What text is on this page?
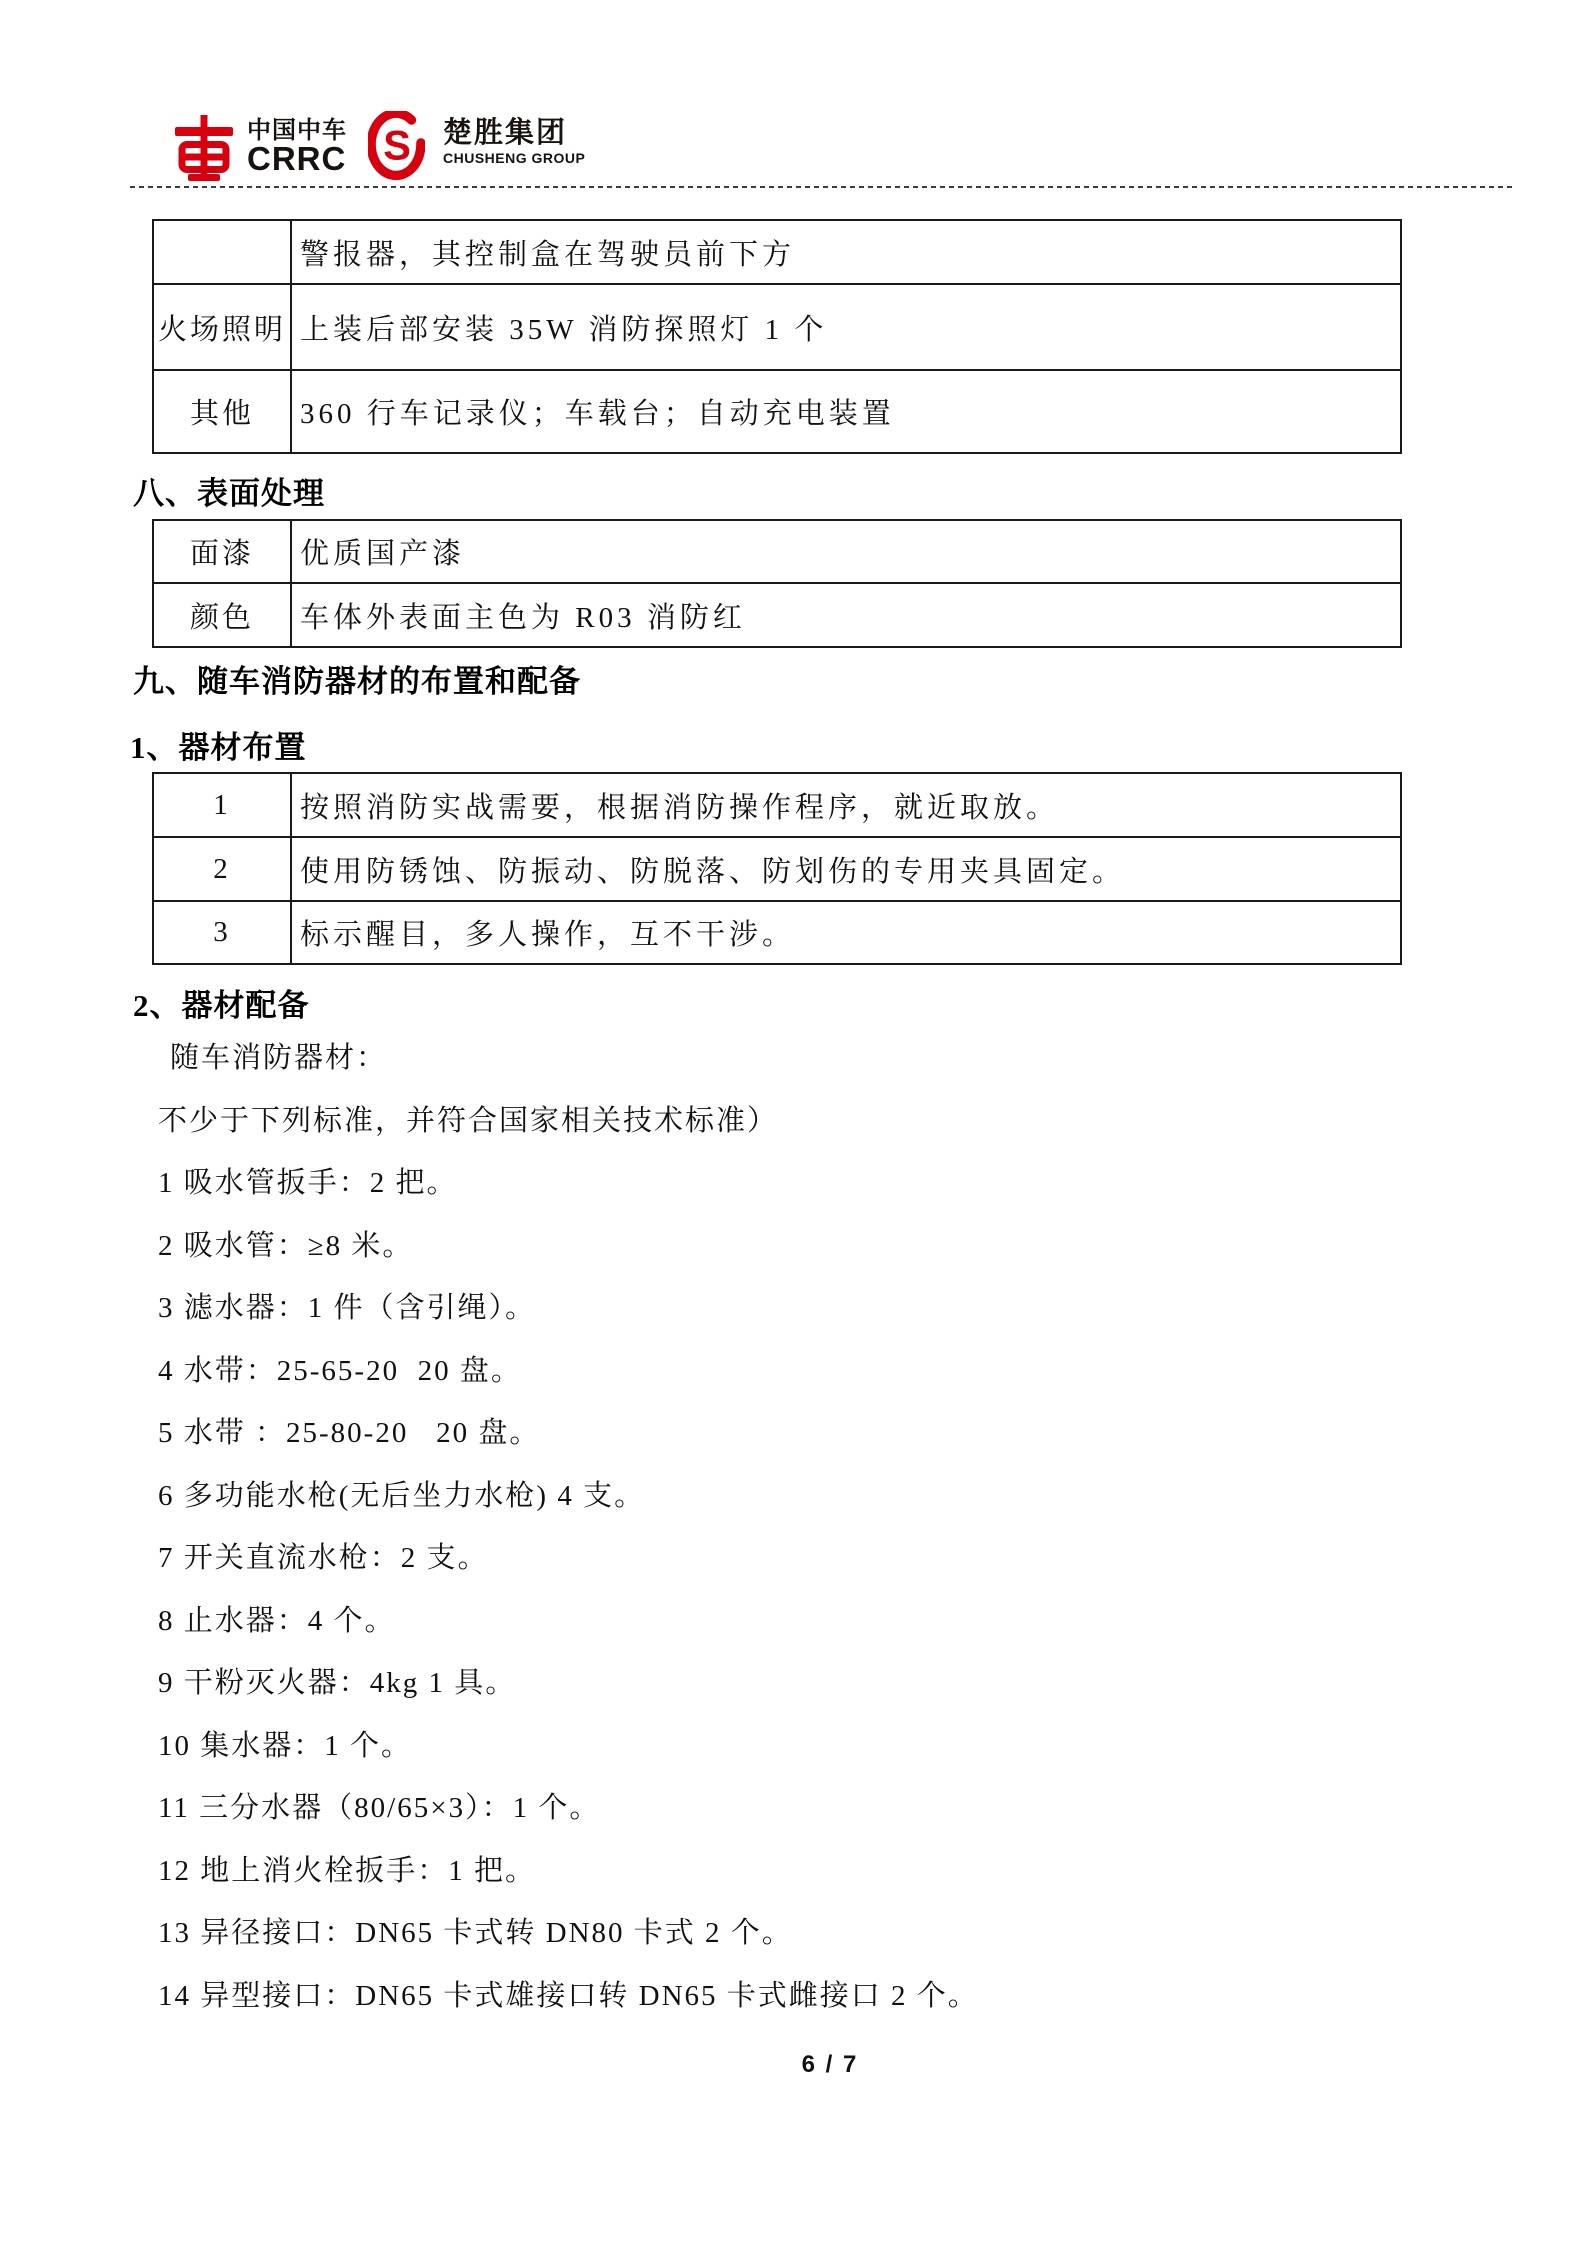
中国中车
CRRC S 楚胜集团
CHUSHENG GROUP
	警报器，其控制盒在驾驶员前下方
火场照明	上装后部安装 35W 消防探照灯 1 个
其他	360 行车记录仪；车载台；自动充电装置
八、表面处理
面漆	优质国产漆
颜色	车体外表面主色为 R03 消防红
九、随车消防器材的布置和配备
1、器材布置
1	按照消防实战需要，根据消防操作程序，就近取放。
2	使用防锈蚀、防振动、防脱落、防划伤的专用夹具固定。
3	标示醒目，多人操作，互不干涉。
2、器材配备
随车消防器材：
不少于下列标准，并符合国家相关技术标准）
1 吸水管扳手：2 把。
2 吸水管：≥8 米。
3 滤水器：1 件（含引绳）。
4 水带：25-65-20  20 盘。
5 水带 ：25-80-20   20 盘。
6 多功能水枪(无后坐力水枪) 4 支。
7 开关直流水枪：2 支。
8 止水器：4 个。
9 干粉灭火器：4kg 1 具。
10 集水器：1 个。
11 三分水器（80/65×3）：1 个。
12 地上消火栓扳手：1 把。
13 异径接口：DN65 卡式转 DN80 卡式 2 个。
14 异型接口：DN65 卡式雄接口转 DN65 卡式雌接口 2 个。
6 / 7
